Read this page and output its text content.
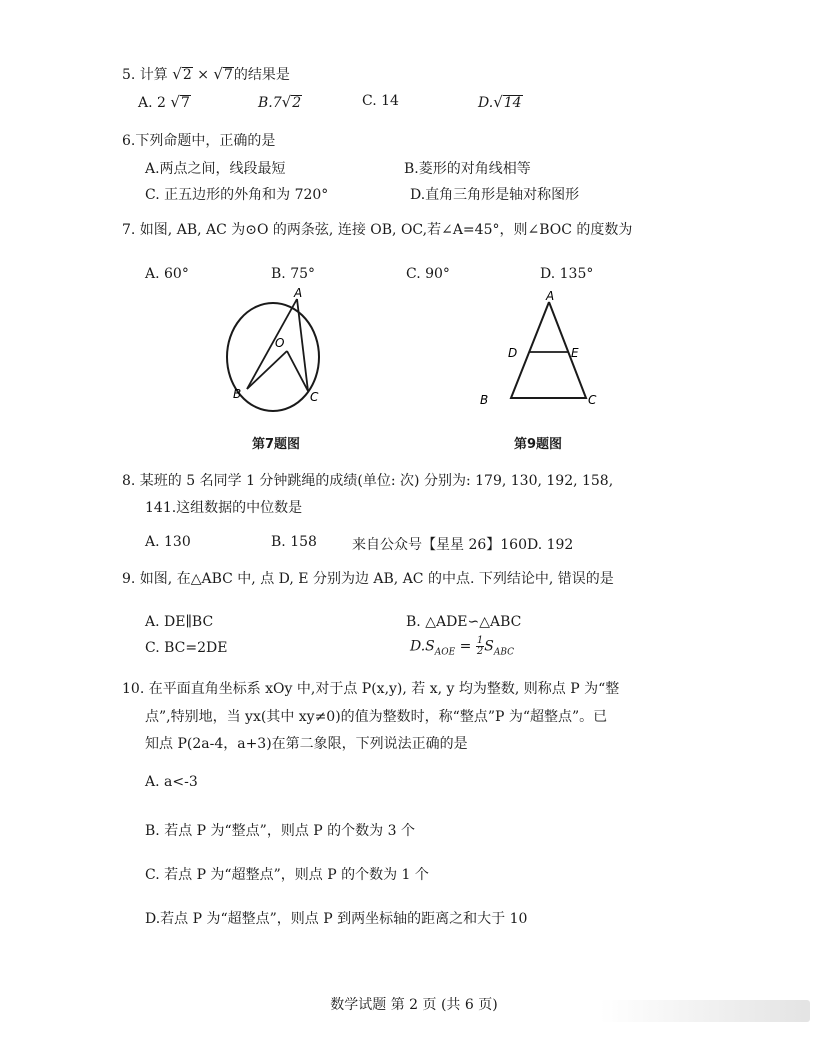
5. 计算 √2 × √7的结果是
A. 2 √7	B.7√2	C. 14	D.√14
6.下列命题中，正确的是
A.两点之间，线段最短	B.菱形的对角线相等
C. 正五边形的外角和为 720°	D.直角三角形是轴对称图形
7. 如图, AB, AC 为⊙O 的两条弦, 连接 OB, OC,若∠A=45°，则∠BOC 的度数为
A. 60°	B. 75°	C. 90°	D. 135°
A
O
B	C
第7题图
A
D	E
B	C
第9题图
8. 某班的 5 名同学 1 分钟跳绳的成绩(单位: 次) 分别为: 179, 130, 192, 158,
141.这组数据的中位数是
A. 130	B. 158	来自公众号【星星 26】160D. 192
9. 如图, 在△ABC 中, 点 D, E 分别为边 AB, AC 的中点. 下列结论中, 错误的是
A. DE∥BC	B. △ADE∽△ABC
C. BC=2DE	$D.S_{AOE} = \frac{1}{2} S_{ABC}$
10. 在平面直角坐标系 xOy 中,对于点 P(x,y), 若 x, y 均为整数, 则称点 P 为“整
点”,特别地，当 yx(其中 xy≠0)的值为整数时，称“整点”P 为“超整点”。已
知点 P(2a-4，a+3)在第二象限，下列说法正确的是
A. a<-3
B. 若点 P 为“整点”，则点 P 的个数为 3 个
C. 若点 P 为“超整点”，则点 P 的个数为 1 个
D.若点 P 为“超整点”，则点 P 到两坐标轴的距离之和大于 10
数学试题 第 2 页 (共 6 页)
